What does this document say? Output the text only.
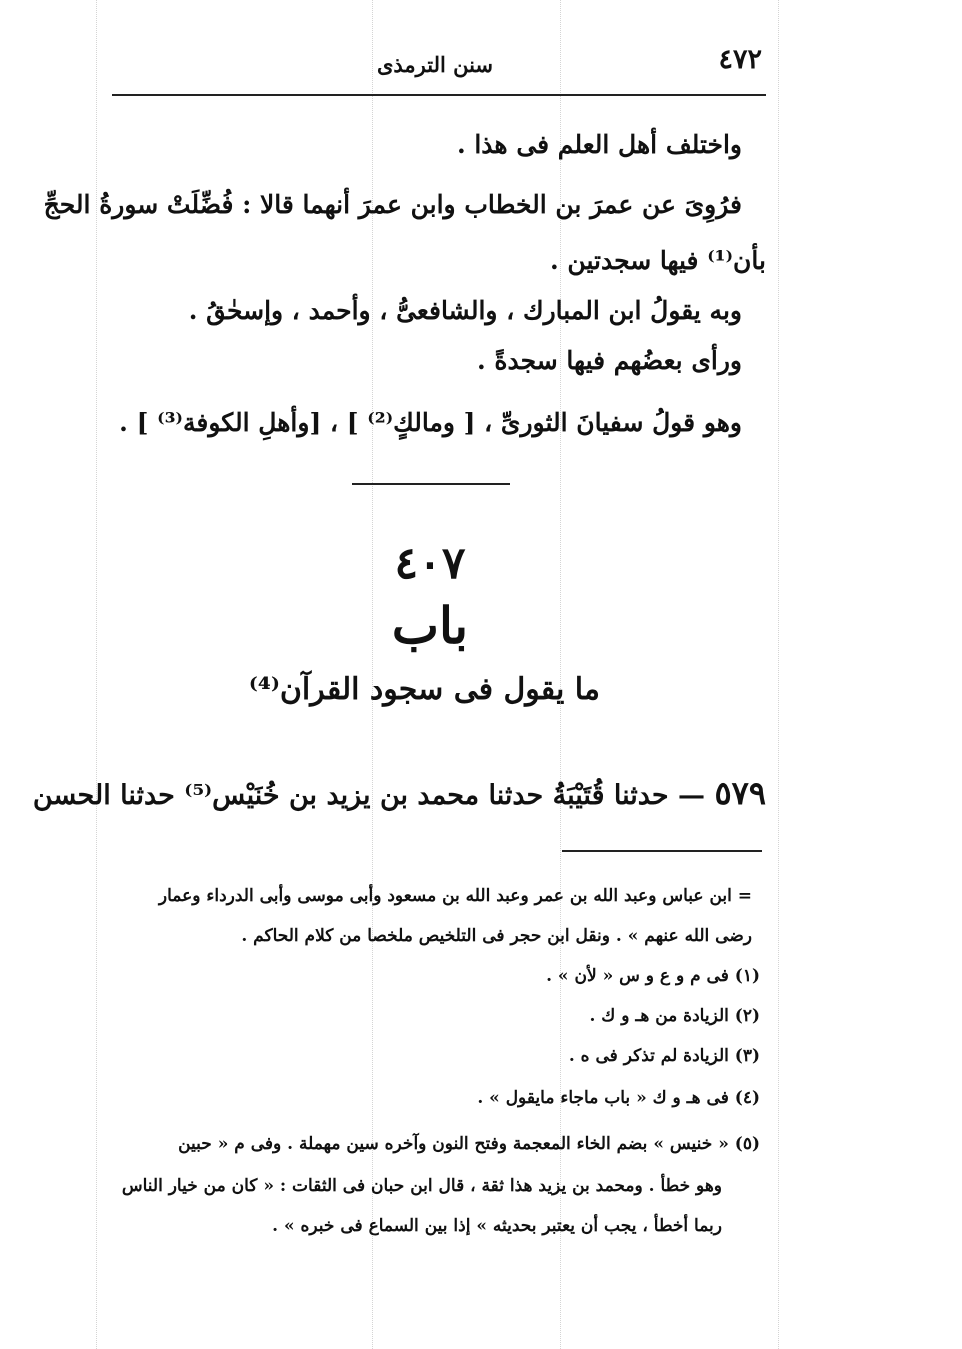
٤٧٢
سنن الترمذى
واختلف أهل العلم فى هذا .
فرُوِىَ عن عمرَ بن الخطاب وابن عمرَ أنهما قالا : فُضِّلَتْ سورةُ الحجِّ
بأن⁽¹⁾ فيها سجدتين .
وبه يقولُ ابن المبارك ، والشافعىُّ ، وأحمد ، وإسحٰقُ .
ورأى بعضُهم فيها سجدةً .
وهو قولُ سفيانَ الثورىِّ ، [ ومالكٍ⁽²⁾ ] ، [وأهلِ الكوفة⁽³⁾ ] .
٤٠٧
باب
ما يقول فى سجود القرآن⁽⁴⁾
٥٧٩ — حدثنا قُتَيْبَةُ حدثنا محمد بن يزيد بن خُنَيْس⁽⁵⁾ حدثنا الحسن
= ابن عباس وعبد الله بن عمر وعبد الله بن مسعود وأبى موسى وأبى الدرداء وعمار
رضى الله عنهم » . ونقل ابن حجر فى التلخيص ملخصا من كلام الحاكم .
(١) فى م و ع و س « لأن » .
(٢) الزيادة من هـ و ك .
(٣) الزيادة لم تذكر فى ه .
(٤) فى هـ و ك « باب ماجاء مايقول » .
(٥) « خنيس » بضم الخاء المعجمة وفتح النون وآخره سين مهملة . وفى م « حبين
وهو خطأ . ومحمد بن يزيد هذا ثقة ، قال ابن حبان فى الثقات : « كان من خيار الناس
ربما أخطأ ، يجب أن يعتبر بحديثه » إذا بين السماع فى خبره » .
